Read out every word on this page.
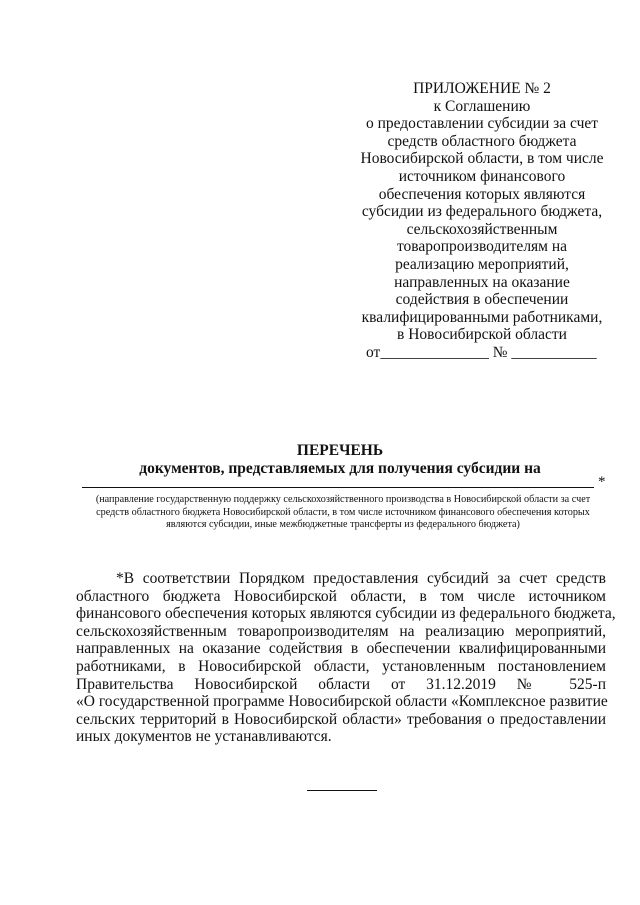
ПРИЛОЖЕНИЕ № 2
к Соглашению
о предоставлении субсидии за счет
средств областного бюджета
Новосибирской области, в том числе
источником финансового
обеспечения которых являются
субсидии из федерального бюджета,
сельскохозяйственным
товаропроизводителям на
реализацию мероприятий,
направленных на оказание
содействия в обеспечении
квалифицированными работниками,
в Новосибирской области
от______________ № ___________
ПЕРЕЧЕНЬ
документов, представляемых для получения субсидии на
*
(направление государственную поддержку сельскохозяйственного производства в Новосибирской области за счет средств областного бюджета Новосибирской области, в том числе источником финансового обеспечения которых являются субсидии, иные межбюджетные трансферты из федерального бюджета)
*В соответствии Порядком предоставления субсидий за счет средств
областного бюджета Новосибирской области, в том числе источником
финансового обеспечения которых являются субсидии из федерального бюджета,
сельскохозяйственным товаропроизводителям на реализацию мероприятий,
направленных на оказание содействия в обеспечении квалифицированными
работниками, в Новосибирской области, установленным постановлением
Правительства Новосибирской области от 31.12.2019 № 525-п
«О государственной программе Новосибирской области «Комплексное развитие
сельских территорий в Новосибирской области» требования о предоставлении
иных документов не устанавливаются.
